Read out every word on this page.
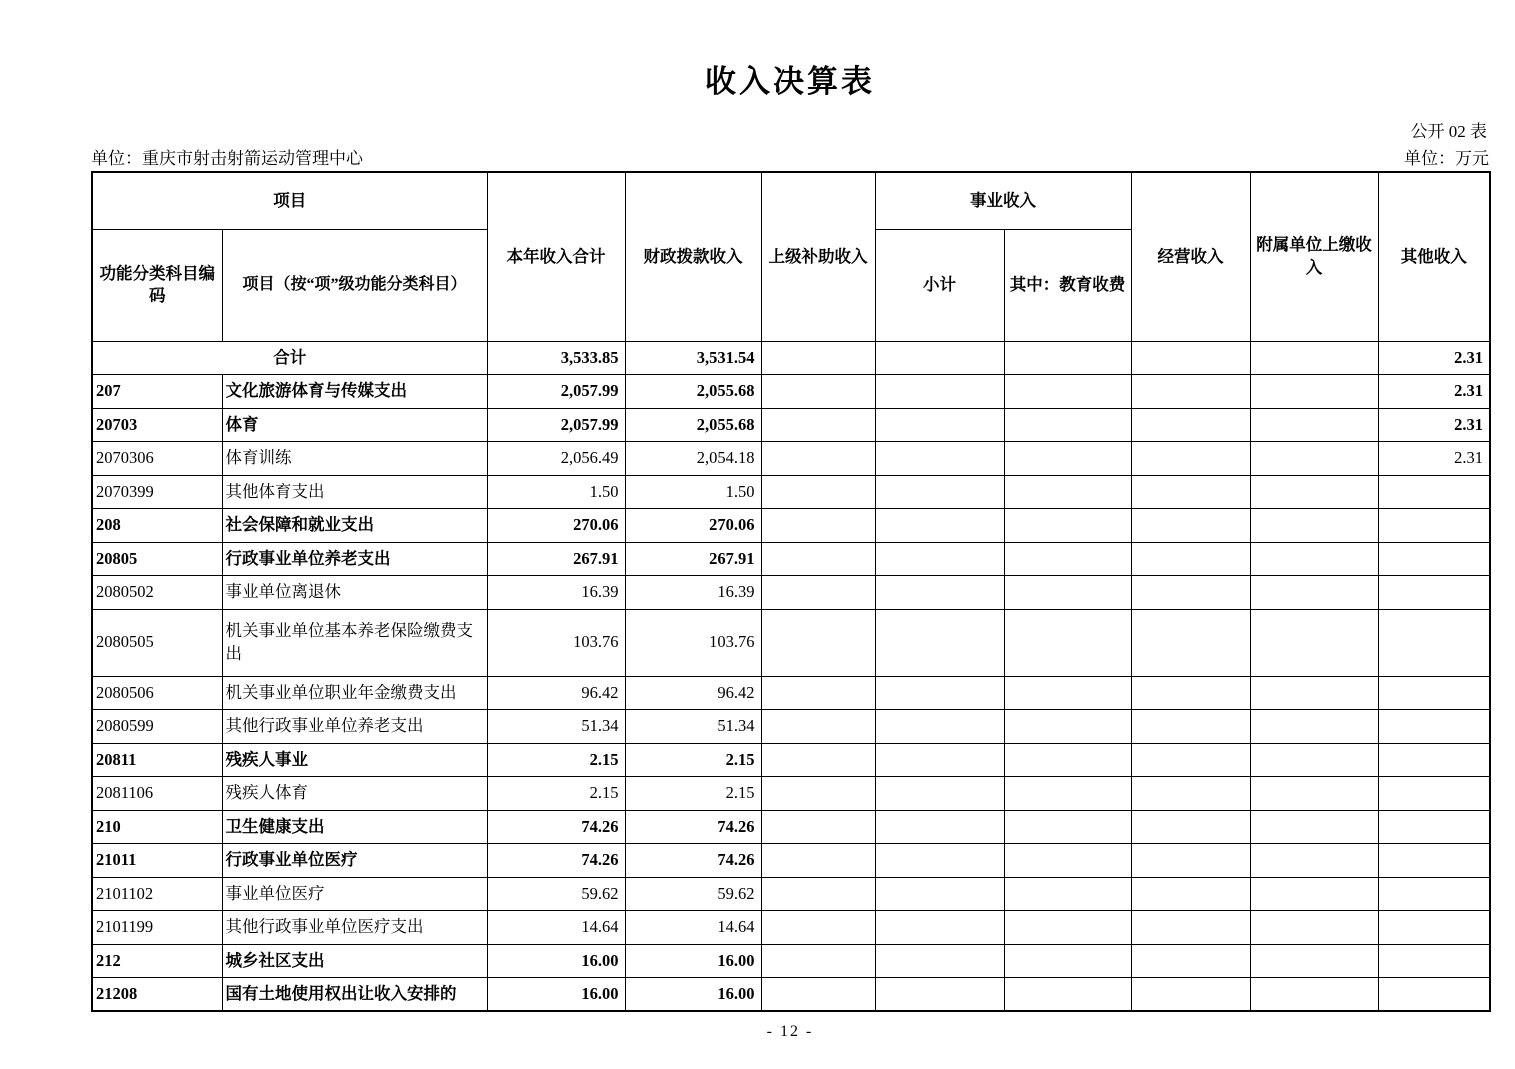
收入决算表
公开 02 表
单位：重庆市射击射箭运动管理中心	单位：万元
项目		本年收入合计	财政拨款收入	上级补助收入	事业收入		经营收入	附属单位上缴收入	其他收入
功能分类科目编码	项目（按“项”级功能分类科目）				小计	其中：教育收费			
合计		3,533.85	3,531.54						2.31
207	文化旅游体育与传媒支出	2,057.99	2,055.68						2.31
20703	体育	2,057.99	2,055.68						2.31
2070306	体育训练	2,056.49	2,054.18						2.31
2070399	其他体育支出	1.50	1.50						
208	社会保障和就业支出	270.06	270.06						
20805	行政事业单位养老支出	267.91	267.91						
2080502	事业单位离退休	16.39	16.39						
2080505	机关事业单位基本养老保险缴费支出	103.76	103.76						
2080506	机关事业单位职业年金缴费支出	96.42	96.42						
2080599	其他行政事业单位养老支出	51.34	51.34						
20811	残疾人事业	2.15	2.15						
2081106	残疾人体育	2.15	2.15						
210	卫生健康支出	74.26	74.26						
21011	行政事业单位医疗	74.26	74.26						
2101102	事业单位医疗	59.62	59.62						
2101199	其他行政事业单位医疗支出	14.64	14.64						
212	城乡社区支出	16.00	16.00						
21208	国有土地使用权出让收入安排的	16.00	16.00						
- 12 -
